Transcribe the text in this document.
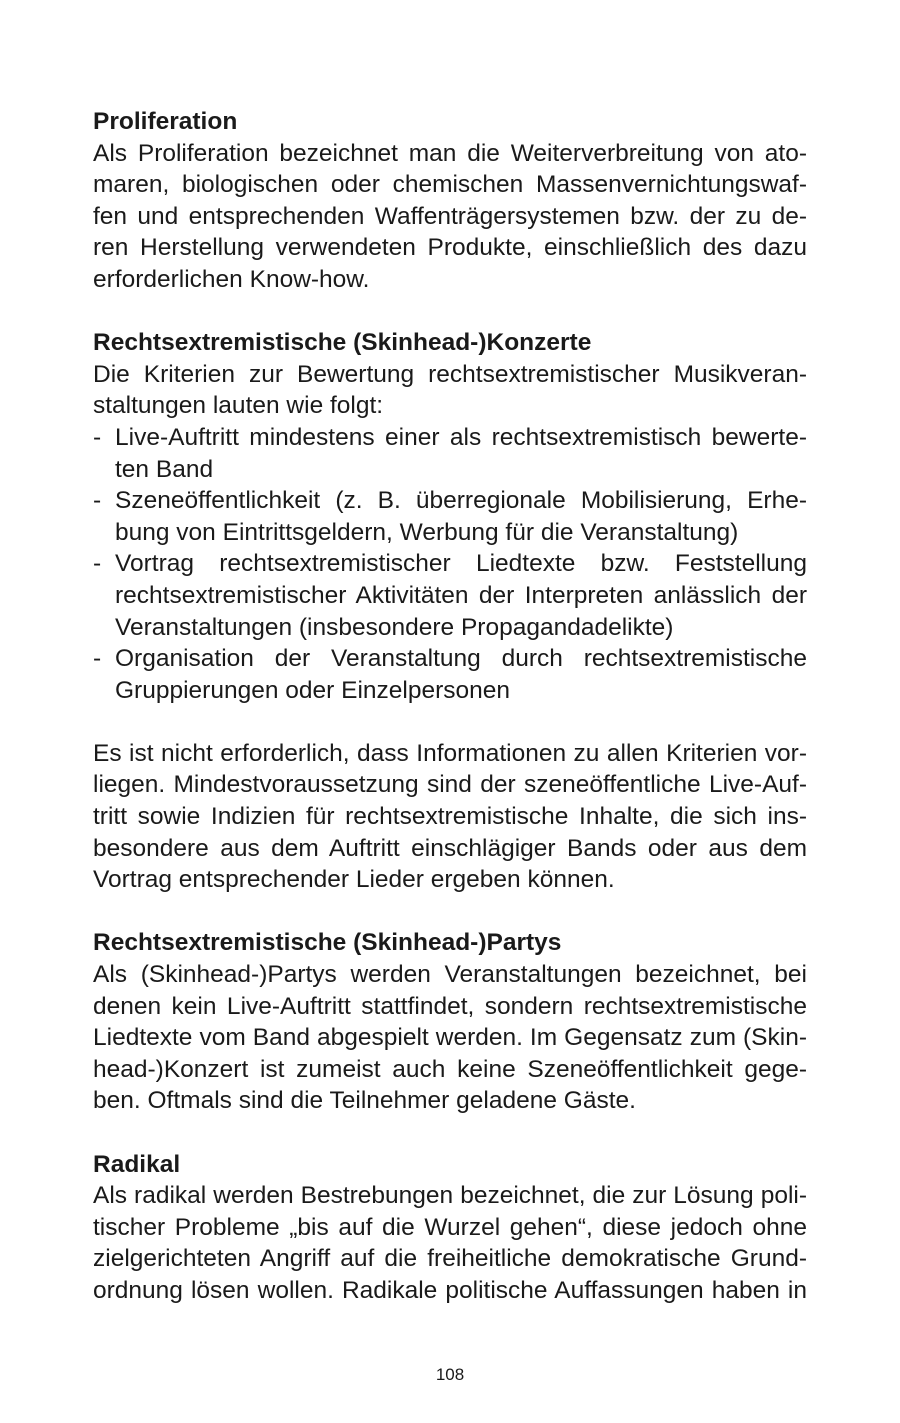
Proliferation
Als Proliferation bezeichnet man die Weiterverbreitung von ato-
maren, biologischen oder chemischen Massenvernichtungswaf-
fen und entsprechenden Waffenträgersystemen bzw. der zu de-
ren Herstellung verwendeten Produkte, einschließlich des dazu
erforderlichen Know-how.
Rechtsextremistische (Skinhead-)Konzerte
Die Kriterien zur Bewertung rechtsextremistischer Musikveran-
staltungen lauten wie folgt:
- Live-Auftritt mindestens einer als rechtsextremistisch bewerte-
ten Band
- Szeneöffentlichkeit (z. B. überregionale Mobilisierung, Erhe-
bung von Eintrittsgeldern, Werbung für die Veranstaltung)
- Vortrag rechtsextremistischer Liedtexte bzw. Feststellung
rechtsextremistischer Aktivitäten der Interpreten anlässlich der
Veranstaltungen (insbesondere Propagandadelikte)
- Organisation der Veranstaltung durch rechtsextremistische
Gruppierungen oder Einzelpersonen
Es ist nicht erforderlich, dass Informationen zu allen Kriterien vor-
liegen. Mindestvoraussetzung sind der szeneöffentliche Live-Auf-
tritt sowie Indizien für rechtsextremistische Inhalte, die sich ins-
besondere aus dem Auftritt einschlägiger Bands oder aus dem
Vortrag entsprechender Lieder ergeben können.
Rechtsextremistische (Skinhead-)Partys
Als (Skinhead-)Partys werden Veranstaltungen bezeichnet, bei
denen kein Live-Auftritt stattfindet, sondern rechtsextremistische
Liedtexte vom Band abgespielt werden. Im Gegensatz zum (Skin-
head-)Konzert ist zumeist auch keine Szeneöffentlichkeit gege-
ben. Oftmals sind die Teilnehmer geladene Gäste.
Radikal
Als radikal werden Bestrebungen bezeichnet, die zur Lösung poli-
tischer Probleme „bis auf die Wurzel gehen“, diese jedoch ohne
zielgerichteten Angriff auf die freiheitliche demokratische Grund-
ordnung lösen wollen. Radikale politische Auffassungen haben in
108
